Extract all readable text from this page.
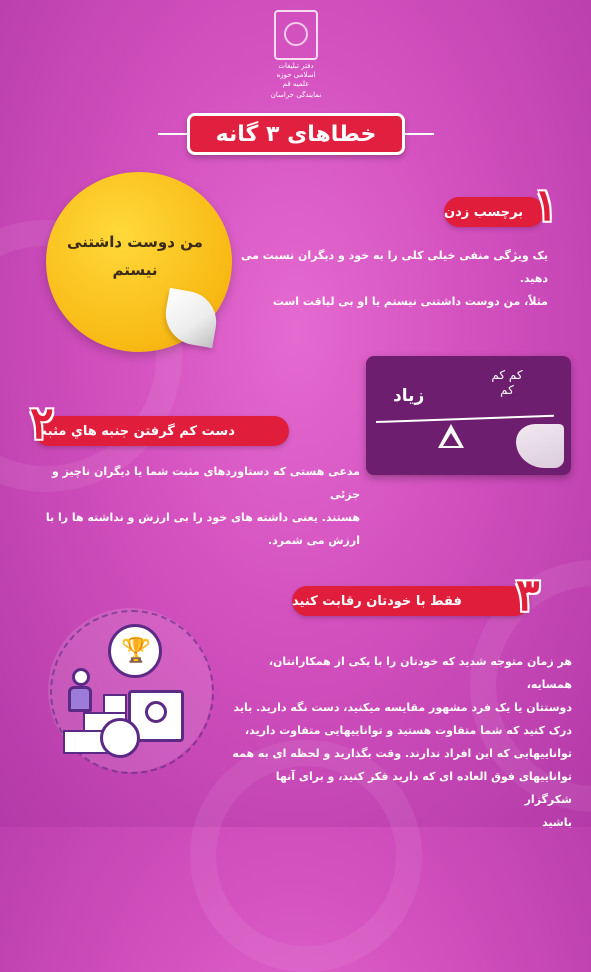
دفتر تبلیغات اسلامی حوزه علمیه قم
نمایندگی خراسان
خطاهای ۳ گانه
من دوست داشتنی
نیستم
برچسب زدن ۱
یک ویژگی منفی خیلی کلی را به خود و دیگران نسبت می دهید.
مثلاً، من دوست داشتنی نیستم یا او بی لیاقت است
زیاد
کم کم کم
دست کم گرفتن جنبه هاي مثبت
۲
مدعی هستی که دستاوردهای مثبت شما یا دیگران ناچیز و جزئی
هستند. یعنی داشته های خود را بی ارزش و نداشته ها را با
ارزش می شمرد.
فقط با خودتان رقابت کنید ۳
هر زمان متوجه شدید که خودتان را با یکی از همکارانتان، همسایه،
دوستتان یا یک فرد مشهور مقایسه میکنید، دست نگه دارید. باید
درک کنید که شما متفاوت هستید و تواناییهایی متفاوت دارید،
تواناییهایی که این افراد ندارند. وقت بگذارید و لحظه ای به همه
تواناییهای فوق العاده ای که دارید فکر کنید، و برای آنها شکرگزار
باشید
🏆
